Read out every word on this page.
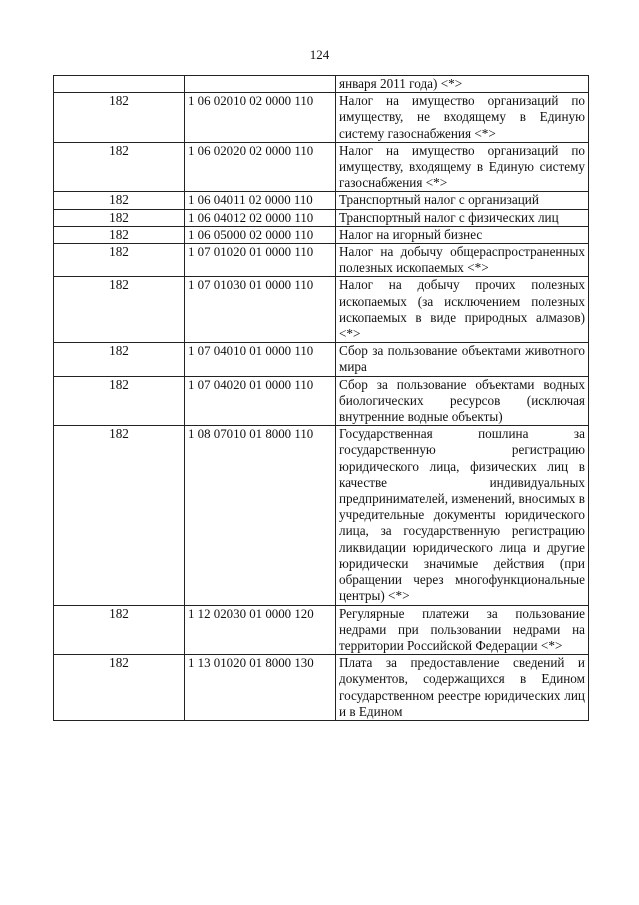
124
		января 2011 года) <*>
182	1 06 02010 02 0000 110	Налог на имущество организаций по имуществу, не входящему в Единую систему газоснабжения <*>
182	1 06 02020 02 0000 110	Налог на имущество организаций по имуществу, входящему в Единую систему газоснабжения <*>
182	1 06 04011 02 0000 110	Транспортный налог с организаций
182	1 06 04012 02 0000 110	Транспортный налог с физических лиц
182	1 06 05000 02 0000 110	Налог на игорный бизнес
182	1 07 01020 01 0000 110	Налог на добычу общераспространенных полезных ископаемых <*>
182	1 07 01030 01 0000 110	Налог на добычу прочих полезных ископаемых (за исключением полезных ископаемых в виде природных алмазов)<*>
182	1 07 04010 01 0000 110	Сбор за пользование объектами животного мира
182	1 07 04020 01 0000 110	Сбор за пользование объектами водных биологических ресурсов (исключая внутренние водные объекты)
182	1 08 07010 01 8000 110	Государственная пошлина за государственную регистрацию юридического лица, физических лиц в качестве индивидуальных предпринимателей, изменений, вносимых в учредительные документы юридического лица, за государственную регистрацию ликвидации юридического лица и другие юридически значимые действия (при обращении через многофункциональные центры) <*>
182	1 12 02030 01 0000 120	Регулярные платежи за пользование недрами при пользовании недрами на территории Российской Федерации <*>
182	1 13 01020 01 8000 130	Плата за предоставление сведений и документов, содержащихся в Едином государственном реестре юридических лиц и в Едином
